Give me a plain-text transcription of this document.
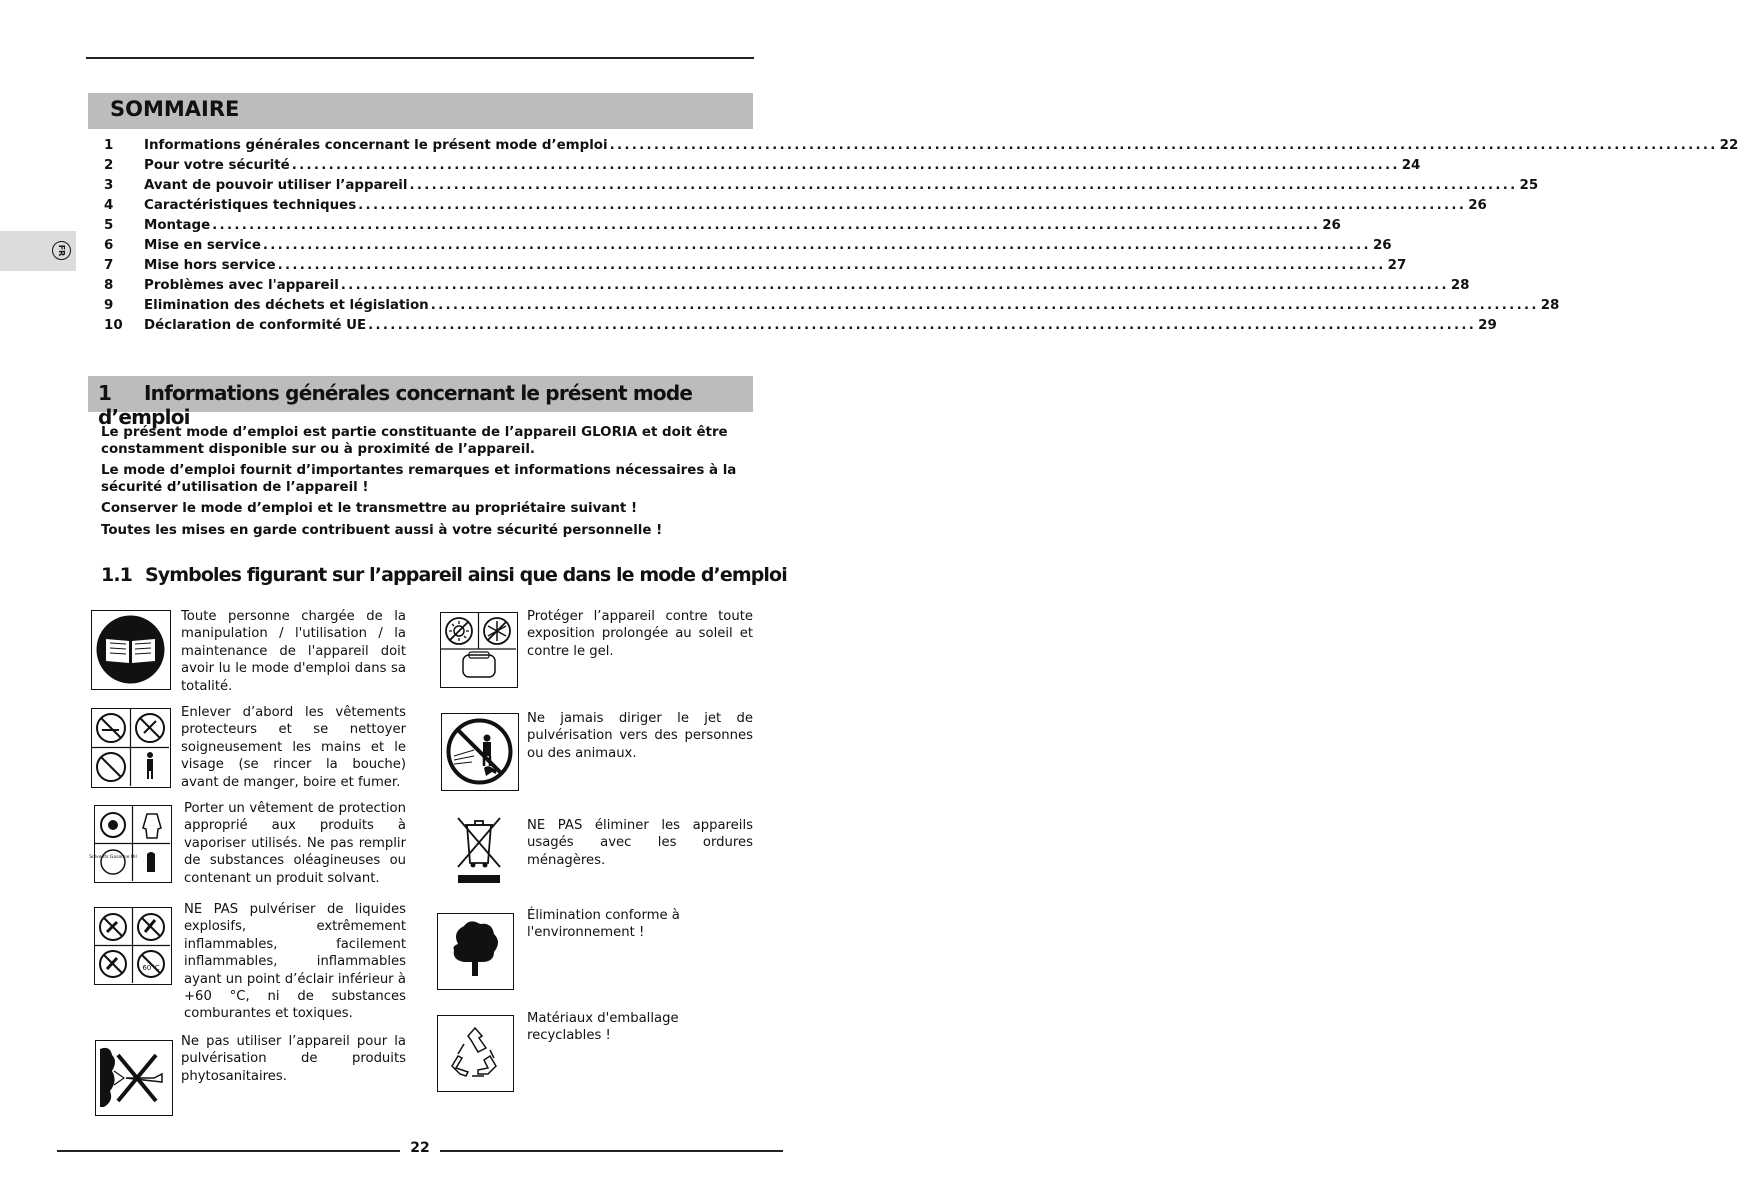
FR
SOMMAIRE
1	Informations générales concernant le présent mode d’emploi .....	22
2	Pour votre sécurité .....	24
3	Avant de pouvoir utiliser l’appareil .....	25
4	Caractéristiques techniques .....	26
5	Montage .....	26
6	Mise en service .....	26
7	Mise hors service .....	27
8	Problèmes avec l'appareil .....	28
9	Elimination des déchets et législation .....	28
10	Déclaration de conformité UE .....	29
1 Informations générales concernant le présent mode d’emploi

Le présent mode d’emploi est partie constituante de l’appareil GLORIA et doit être constamment disponible sur ou à proximité de l’appareil.

Le mode d’emploi fournit d’importantes remarques et informations nécessaires à la sécurité d’utilisation de l’appareil !

Conserver le mode d’emploi et le transmettre au propriétaire suivant !

Toutes les mises en garde contribuent aussi à votre sécurité personnelle !

1.1 Symboles figurant sur l’appareil ainsi que dans le mode d’emploi
Toute personne chargée de la manipulation / l'utilisation / la maintenance de l'appareil doit avoir lu le mode d'emploi dans sa totalité.
Enlever d’abord les vêtements protecteurs et se nettoyer soigneusement les mains et le visage (se rincer la bouche) avant de manger, boire et fumer.
Solvents Gasoline Oil
Porter un vêtement de protection approprié aux produits à vaporiser utilisés. Ne pas remplir de substances oléagineuses ou contenant un produit solvant.
60°C
NE PAS pulvériser de liquides explosifs, extrêmement inflammables, facilement inflammables, inflammables ayant un point d’éclair inférieur à +60 °C, ni de substances comburantes et toxiques.
Ne pas utiliser l’appareil pour la pulvérisation de produits phytosanitaires.
Protéger l’appareil contre toute exposition prolongée au soleil et contre le gel.
Ne jamais diriger le jet de pulvérisation vers des personnes ou des animaux.
NE PAS éliminer les appareils usagés avec les ordures ménagères.
Élimination conforme à l'environnement !
Matériaux d'emballage recyclables !
22
